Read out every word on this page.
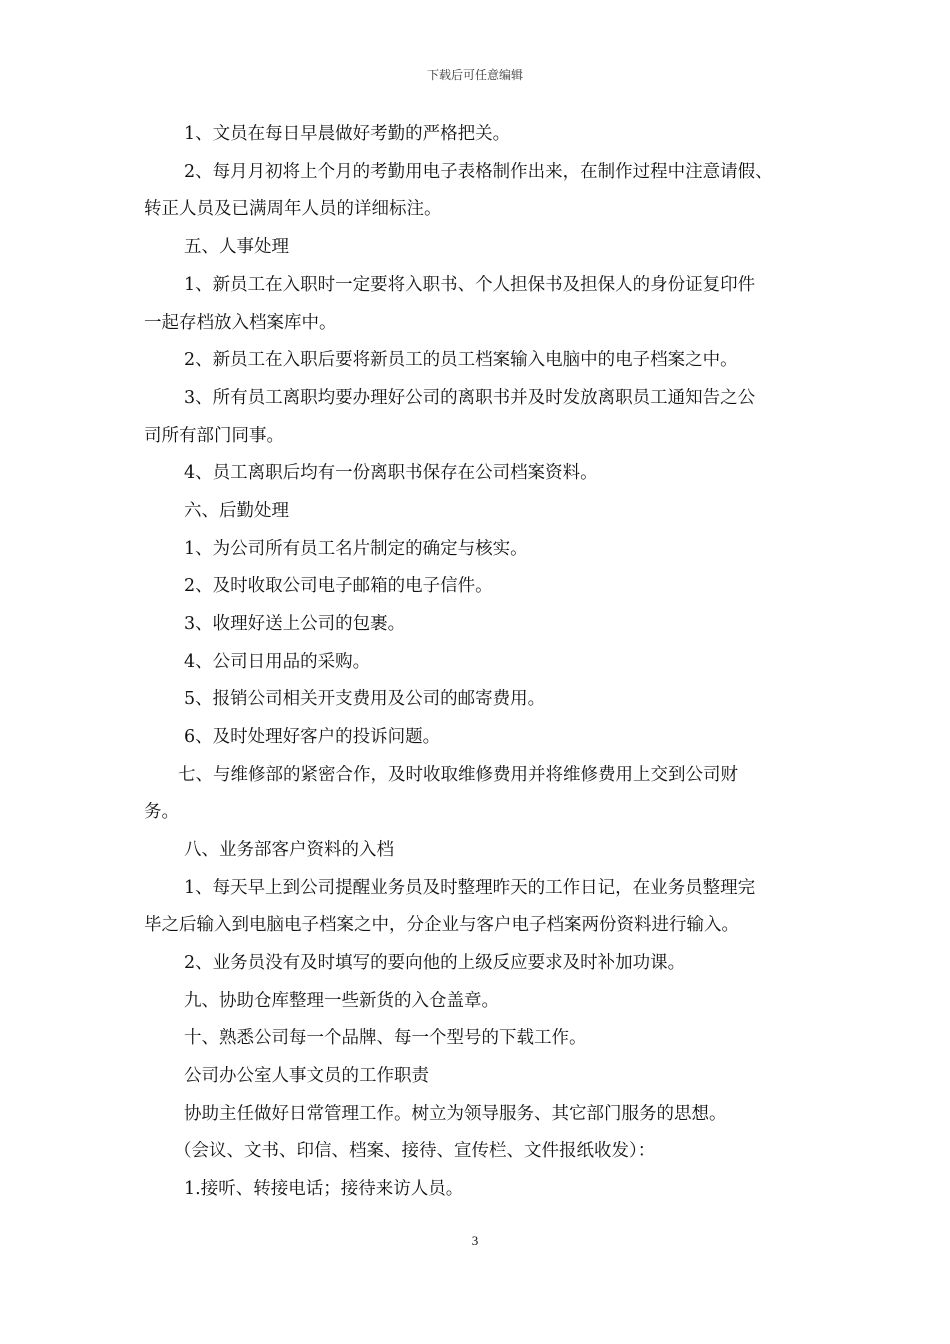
下载后可任意编辑
1、文员在每日早晨做好考勤的严格把关。
2、每月月初将上个月的考勤用电子表格制作出来，在制作过程中注意请假、
转正人员及已满周年人员的详细标注。
五、人事处理
1、新员工在入职时一定要将入职书、个人担保书及担保人的身份证复印件
一起存档放入档案库中。
2、新员工在入职后要将新员工的员工档案输入电脑中的电子档案之中。
3、所有员工离职均要办理好公司的离职书并及时发放离职员工通知告之公
司所有部门同事。
4、员工离职后均有一份离职书保存在公司档案资料。
六、后勤处理
1、为公司所有员工名片制定的确定与核实。
2、及时收取公司电子邮箱的电子信件。
3、收理好送上公司的包裹。
4、公司日用品的采购。
5、报销公司相关开支费用及公司的邮寄费用。
6、及时处理好客户的投诉问题。
七、与维修部的紧密合作，及时收取维修费用并将维修费用上交到公司财
务。
八、业务部客户资料的入档
1、每天早上到公司提醒业务员及时整理昨天的工作日记，在业务员整理完
毕之后输入到电脑电子档案之中，分企业与客户电子档案两份资料进行输入。
2、业务员没有及时填写的要向他的上级反应要求及时补加功课。
九、协助仓库整理一些新货的入仓盖章。
十、熟悉公司每一个品牌、每一个型号的下载工作。
公司办公室人事文员的工作职责
协助主任做好日常管理工作。树立为领导服务、其它部门服务的思想。
（会议、文书、印信、档案、接待、宣传栏、文件报纸收发）：
1.接听、转接电话；接待来访人员。
3
